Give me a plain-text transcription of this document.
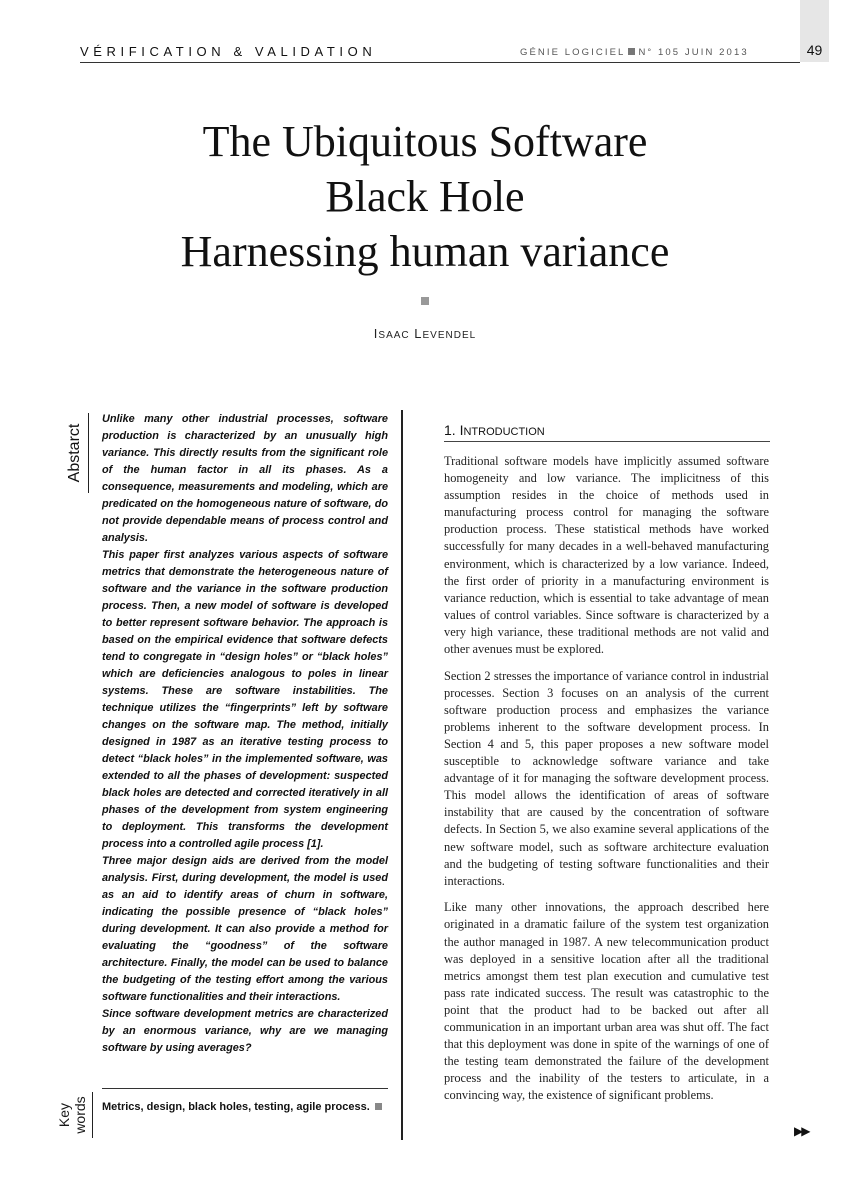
49
VÉRIFICATION & VALIDATION	GÉNIE LOGICIEL N° 105 JUIN 2013
The Ubiquitous Software
Black Hole
Harnessing human variance
ISAAC LEVENDEL
Abstarct

Unlike many other industrial processes, software production is characterized by an unusually high variance. This directly results from the significant role of the human factor in all its phases. As a consequence, measurements and modeling, which are predicated on the homogeneous nature of software, do not provide dependable means of process control and analysis.

This paper first analyzes various aspects of software metrics that demonstrate the heterogeneous nature of software and the variance in the software production process. Then, a new model of software is developed to better represent software behavior. The approach is based on the empirical evidence that software defects tend to congregate in “design holes” or “black holes” which are deficiencies analogous to poles in linear systems. These are software instabilities. The technique utilizes the “fingerprints” left by software changes on the software map. The method, initially designed in 1987 as an iterative testing process to detect “black holes” in the implemented software, was extended to all the phases of development: suspected black holes are detected and corrected iteratively in all phases of the development from system engineering to deployment. This transforms the development process into a controlled agile process [1].

Three major design aids are derived from the model analysis. First, during development, the model is used as an aid to identify areas of churn in software, indicating the possible presence of “black holes” during development. It can also provide a method for evaluating the “goodness” of the software architecture. Finally, the model can be used to balance the budgeting of the testing effort among the various software functionalities and their interactions.

Since software development metrics are characterized by an enormous variance, why are we managing software by using averages?

Key words Metrics, design, black holes, testing, agile process.
1. INTRODUCTION

Traditional software models have implicitly assumed software homogeneity and low variance. The implicitness of this assumption resides in the choice of methods used in manufacturing process control for managing the software production process. These statistical methods have worked successfully for many decades in a well-behaved manufacturing environment, which is characterized by a low variance. Indeed, the first order of priority in a manufacturing environment is variance reduction, which is essential to take advantage of mean values of control variables. Since software is characterized by a very high variance, these traditional methods are not valid and other avenues must be explored.

Section 2 stresses the importance of variance control in industrial processes. Section 3 focuses on an analysis of the current software production process and emphasizes the variance problems inherent to the software development process. In Section 4 and 5, this paper proposes a new software model susceptible to acknowledge software variance and take advantage of it for managing the software development process. This model allows the identification of areas of software instability that are caused by the concentration of software defects. In Section 5, we also examine several applications of the new software model, such as software architecture evaluation and the budgeting of testing software functionalities and their interactions.

Like many other innovations, the approach described here originated in a dramatic failure of the system test organization the author managed in 1987. A new telecommunication product was deployed in a sensitive location after all the traditional metrics amongst them test plan execution and cumulative test pass rate indicated success. The result was catastrophic to the point that the product had to be backed out after all communication in an important urban area was shut off. The fact that this deployment was done in spite of the warnings of one of the testing team demonstrated the failure of the development process and the inability of the testers to articulate, in a convincing way, the existence of significant problems.

▶▶
